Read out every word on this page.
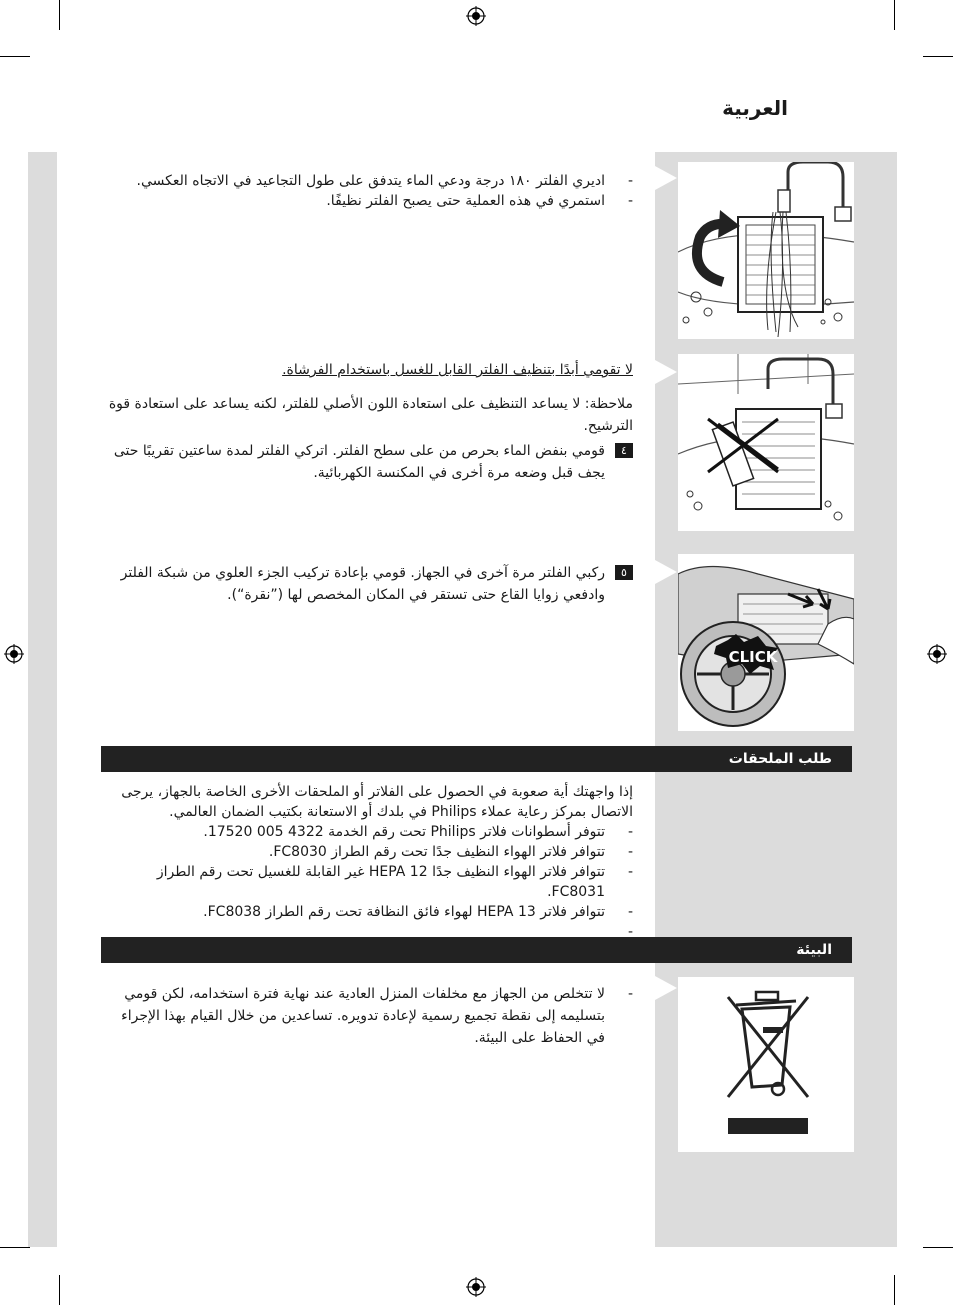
العربية
CLICK
- اديري الفلتر ١٨٠ درجة ودعي الماء يتدفق على طول التجاعيد في الاتجاه العكسي.
- استمري في هذه العملية حتى يصبح الفلتر نظيفًا.
لا تقومي أبدًا بتنظيف الفلتر القابل للغسل باستخدام الفرشاة.
ملاحظة: لا يساعد التنظيف على استعادة اللون الأصلي للفلتر، لكنه يساعد على استعادة قوة الترشيح.
٤
قومي بنفض الماء بحرص من على سطح الفلتر. اتركي الفلتر لمدة ساعتين تقريبًا حتى يجف قبل وضعه مرة أخرى في المكنسة الكهربائية.
٥
ركبي الفلتر مرة آخرى في الجهاز. قومي بإعادة تركيب الجزء العلوي من شبكة الفلتر وادفعي زوايا القاع حتى تستقر في المكان المخصص لها (”نقرة“).
طلب الملحقات
إذا واجهتك أية صعوبة في الحصول على الفلاتر أو الملحقات الأخرى الخاصة بالجهاز، يرجى الاتصال بمركز رعاية عملاء Philips في بلدك أو الاستعانة بكتيب الضمان العالمي.
- تتوفر أسطوانات فلاتر Philips تحت رقم الخدمة 4322 005 17520.
- تتوافر فلاتر الهواء النظيف جدًا تحت رقم الطراز FC8030.
- تتوافر فلاتر الهواء النظيف جدًا HEPA 12 غير القابلة للغسيل تحت رقم الطراز FC8031.
- تتوافر فلاتر HEPA 13 لهواء فائق النظافة تحت رقم الطراز FC8038.
-
البيئة
- لا تتخلص من الجهاز مع مخلفات المنزل العادية عند نهاية فترة استخدامه، لكن قومي بتسليمه إلى نقطة تجميع رسمية لإعادة تدويره. تساعدين من خلال القيام بهذا الإجراء في الحفاظ على البيئة.
